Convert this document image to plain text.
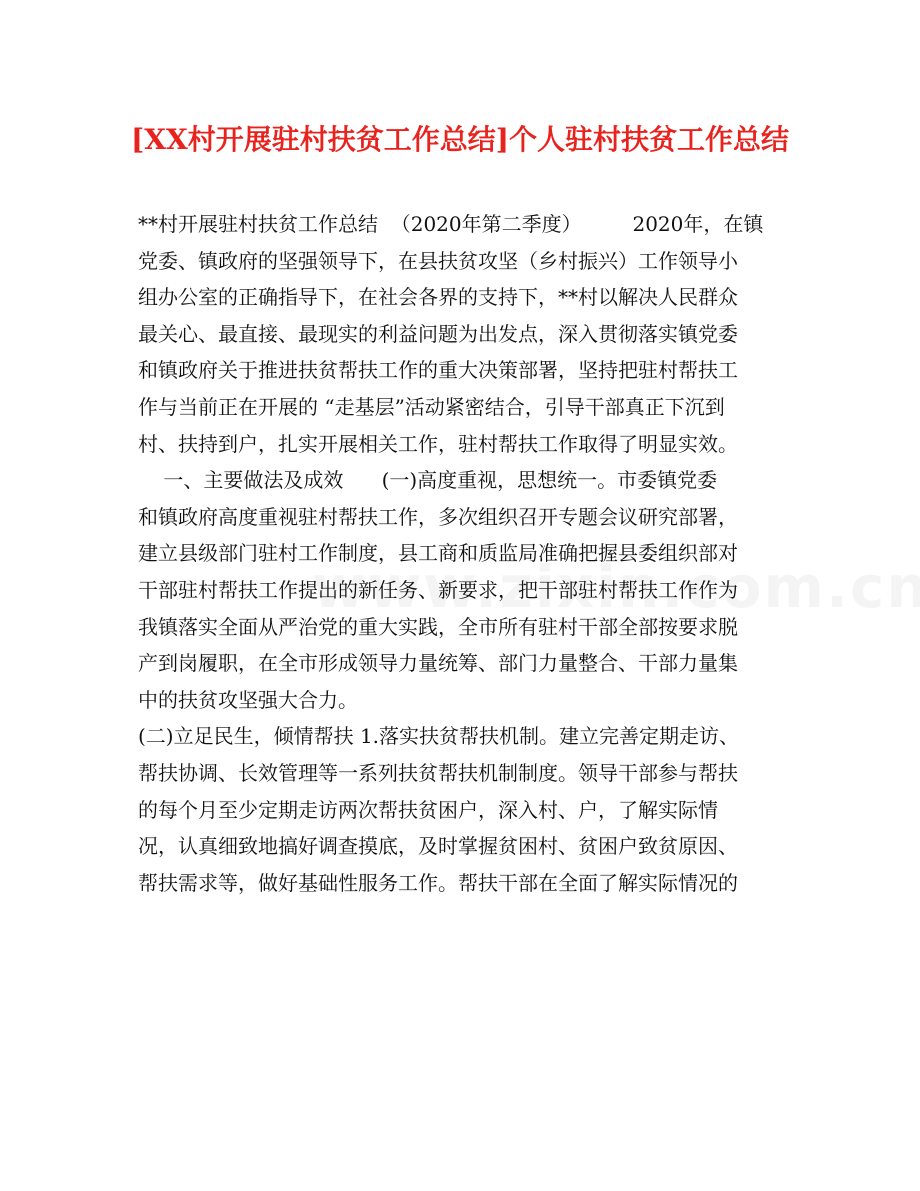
[XX村开展驻村扶贫工作总结]个人驻村扶贫工作总结
**村开展驻村扶贫工作总结  （2020年第二季度）        2020年，在镇
党委、镇政府的坚强领导下，在县扶贫攻坚（乡村振兴）工作领导小
组办公室的正确指导下，在社会各界的支持下，**村以解决人民群众
最关心、最直接、最现实的利益问题为出发点，深入贯彻落实镇党委
和镇政府关于推进扶贫帮扶工作的重大决策部署，坚持把驻村帮扶工
作与当前正在开展的 “走基层”活动紧密结合，引导干部真正下沉到
村、扶持到户，扎实开展相关工作，驻村帮扶工作取得了明显实效。
一、主要做法及成效      (一)高度重视，思想统一。市委镇党委
和镇政府高度重视驻村帮扶工作，多次组织召开专题会议研究部署，
建立县级部门驻村工作制度，县工商和质监局准确把握县委组织部对
干部驻村帮扶工作提出的新任务、新要求，把干部驻村帮扶工作作为
我镇落实全面从严治党的重大实践，全市所有驻村干部全部按要求脱
产到岗履职，在全市形成领导力量统筹、部门力量整合、干部力量集
中的扶贫攻坚强大合力。
(二)立足民生，倾情帮扶 1.落实扶贫帮扶机制。建立完善定期走访、
帮扶协调、长效管理等一系列扶贫帮扶机制制度。领导干部参与帮扶
的每个月至少定期走访两次帮扶贫困户，深入村、户，了解实际情
况，认真细致地搞好调查摸底，及时掌握贫困村、贫困户致贫原因、
帮扶需求等，做好基础性服务工作。帮扶干部在全面了解实际情况的
